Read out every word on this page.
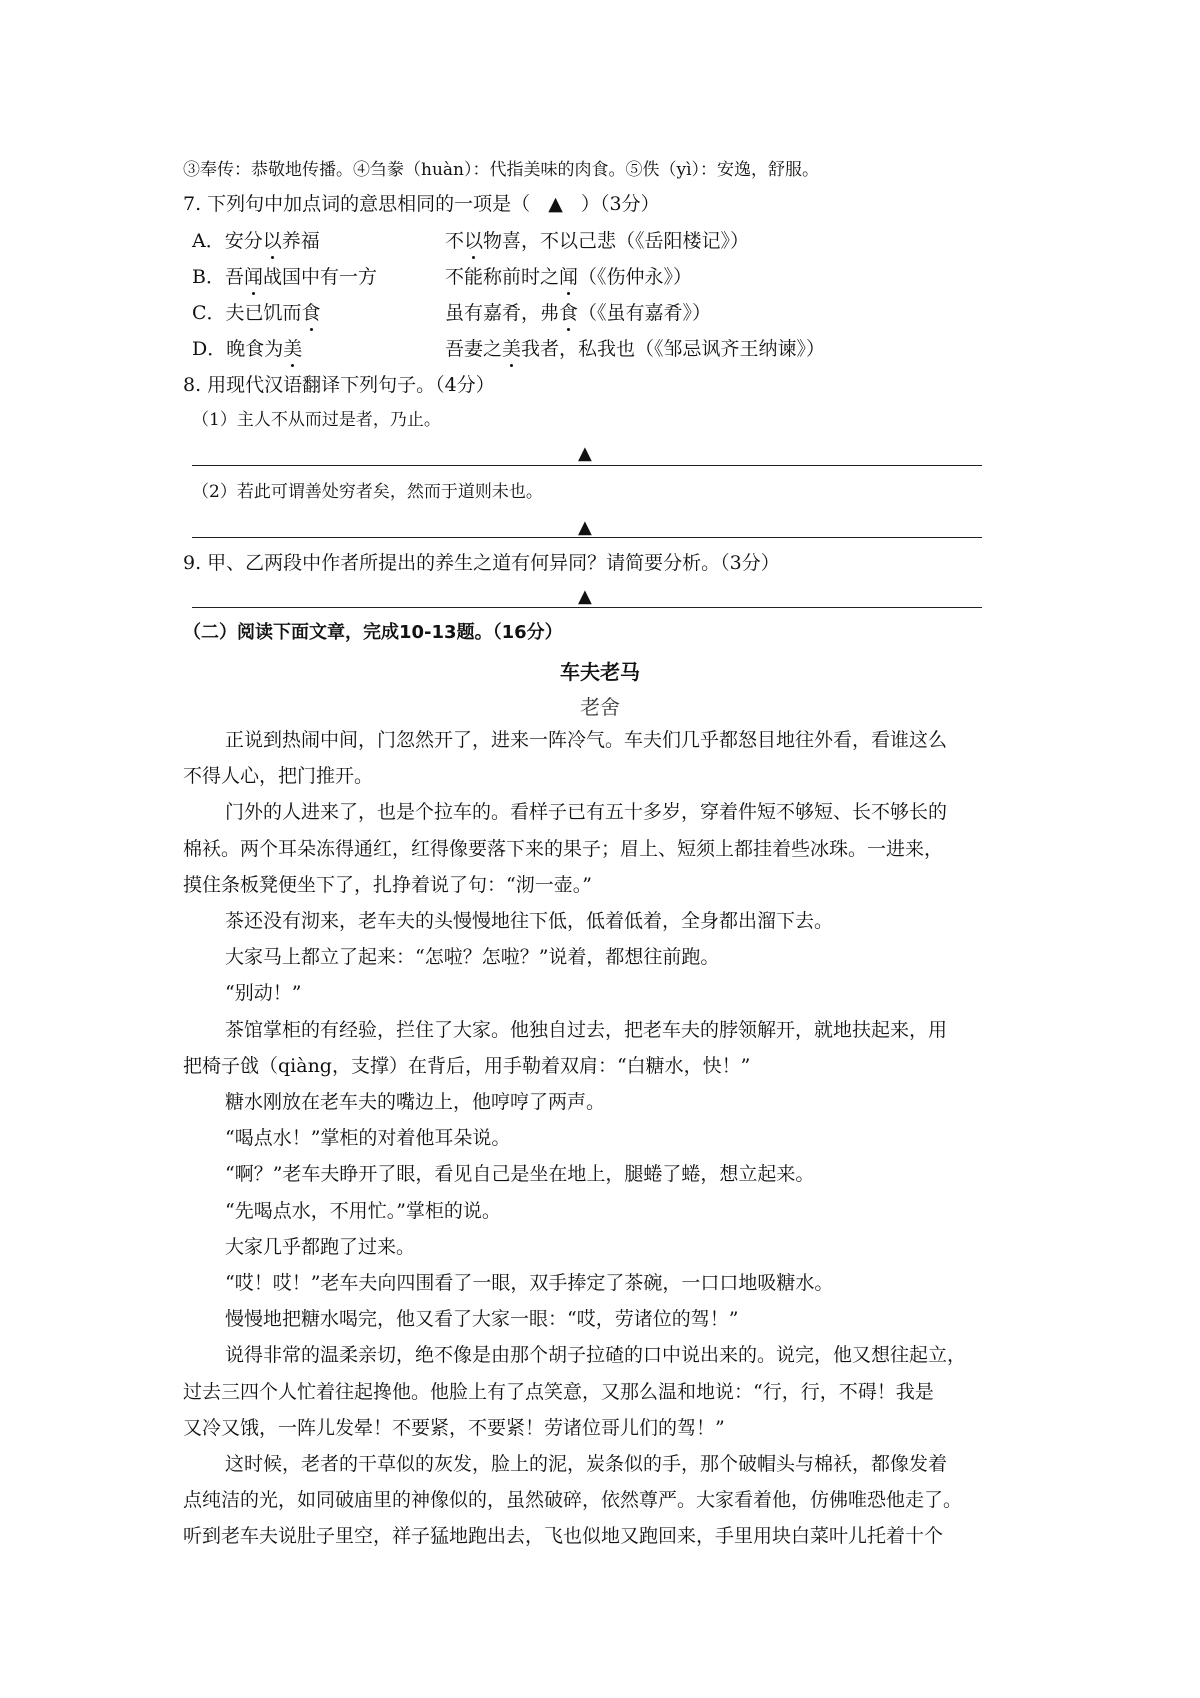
③奉传：恭敬地传播。④刍豢（huàn）：代指美味的肉食。⑤佚（yì）：安逸，舒服。
7. 下列句中加点词的意思相同的一项是（ ▲ ）（3分）
A．安分以养福	不以物喜，不以己悲（《岳阳楼记》）
B．吾闻战国中有一方	不能称前时之闻（《伤仲永》）
C．夫已饥而食	虽有嘉肴，弗食（《虽有嘉肴》）
D．晚食为美	吾妻之美我者，私我也（《邹忌讽齐王纳谏》）
8. 用现代汉语翻译下列句子。（4分）
（1）主人不从而过是者，乃止。
▲
（2）若此可谓善处穷者矣，然而于道则未也。
▲
9. 甲、乙两段中作者所提出的养生之道有何异同？请简要分析。（3分）
▲
（二）阅读下面文章，完成10-13题。（16分）
车夫老马
老舍
正说到热闹中间，门忽然开了，进来一阵冷气。车夫们几乎都怒目地往外看，看谁这么
不得人心，把门推开。
门外的人进来了，也是个拉车的。看样子已有五十多岁，穿着件短不够短、长不够长的
棉袄。两个耳朵冻得通红，红得像要落下来的果子；眉上、短须上都挂着些冰珠。一进来，
摸住条板凳便坐下了，扎挣着说了句：“沏一壶。”
茶还没有沏来，老车夫的头慢慢地往下低，低着低着，全身都出溜下去。
大家马上都立了起来：“怎啦？怎啦？”说着，都想往前跑。
“别动！”
茶馆掌柜的有经验，拦住了大家。他独自过去，把老车夫的脖领解开，就地扶起来，用
把椅子戗（qiàng，支撑）在背后，用手勒着双肩：“白糖水，快！”
糖水刚放在老车夫的嘴边上，他哼哼了两声。
“喝点水！”掌柜的对着他耳朵说。
“啊？”老车夫睁开了眼，看见自己是坐在地上，腿蜷了蜷，想立起来。
“先喝点水，不用忙。”掌柜的说。
大家几乎都跑了过来。
“哎！哎！”老车夫向四围看了一眼，双手捧定了茶碗，一口口地吸糖水。
慢慢地把糖水喝完，他又看了大家一眼：“哎，劳诸位的驾！”
说得非常的温柔亲切，绝不像是由那个胡子拉碴的口中说出来的。说完，他又想往起立，
过去三四个人忙着往起搀他。他脸上有了点笑意，又那么温和地说：“行，行，不碍！我是
又冷又饿，一阵儿发晕！不要紧，不要紧！劳诸位哥儿们的驾！”
这时候，老者的干草似的灰发，脸上的泥，炭条似的手，那个破帽头与棉袄，都像发着
点纯洁的光，如同破庙里的神像似的，虽然破碎，依然尊严。大家看着他，仿佛唯恐他走了。
听到老车夫说肚子里空，祥子猛地跑出去，飞也似地又跑回来，手里用块白菜叶儿托着十个
